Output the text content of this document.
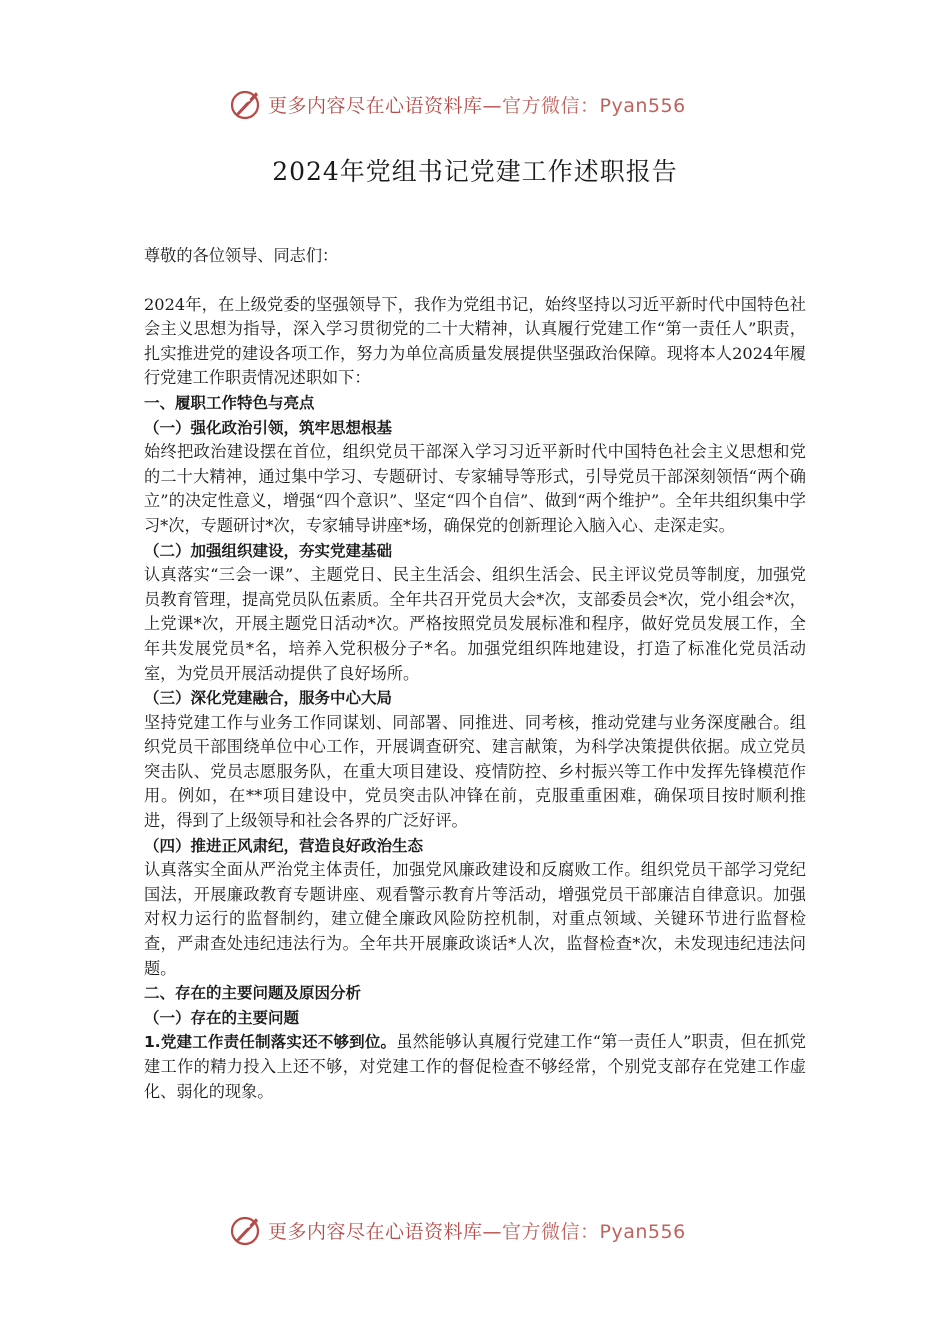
更多内容尽在心语资料库—官方微信：Pyan556
2024年党组书记党建工作述职报告

尊敬的各位领导、同志们：

2024年，在上级党委的坚强领导下，我作为党组书记，始终坚持以习近平新时代中国特色社会主义思想为指导，深入学习贯彻党的二十大精神，认真履行党建工作“第一责任人”职责，扎实推进党的建设各项工作，努力为单位高质量发展提供坚强政治保障。现将本人2024年履行党建工作职责情况述职如下：

一、履职工作特色与亮点

（一）强化政治引领，筑牢思想根基

始终把政治建设摆在首位，组织党员干部深入学习习近平新时代中国特色社会主义思想和党的二十大精神，通过集中学习、专题研讨、专家辅导等形式，引导党员干部深刻领悟“两个确立”的决定性意义，增强“四个意识”、坚定“四个自信”、做到“两个维护”。全年共组织集中学习*次，专题研讨*次，专家辅导讲座*场，确保党的创新理论入脑入心、走深走实。

（二）加强组织建设，夯实党建基础

认真落实“三会一课”、主题党日、民主生活会、组织生活会、民主评议党员等制度，加强党员教育管理，提高党员队伍素质。全年共召开党员大会*次，支部委员会*次，党小组会*次，上党课*次，开展主题党日活动*次。严格按照党员发展标准和程序，做好党员发展工作，全年共发展党员*名，培养入党积极分子*名。加强党组织阵地建设，打造了标准化党员活动室，为党员开展活动提供了良好场所。

（三）深化党建融合，服务中心大局

坚持党建工作与业务工作同谋划、同部署、同推进、同考核，推动党建与业务深度融合。组织党员干部围绕单位中心工作，开展调查研究、建言献策，为科学决策提供依据。成立党员突击队、党员志愿服务队，在重大项目建设、疫情防控、乡村振兴等工作中发挥先锋模范作用。例如，在**项目建设中，党员突击队冲锋在前，克服重重困难，确保项目按时顺利推进，得到了上级领导和社会各界的广泛好评。

（四）推进正风肃纪，营造良好政治生态

认真落实全面从严治党主体责任，加强党风廉政建设和反腐败工作。组织党员干部学习党纪国法，开展廉政教育专题讲座、观看警示教育片等活动，增强党员干部廉洁自律意识。加强对权力运行的监督制约，建立健全廉政风险防控机制，对重点领域、关键环节进行监督检查，严肃查处违纪违法行为。全年共开展廉政谈话*人次，监督检查*次，未发现违纪违法问题。

二、存在的主要问题及原因分析

（一）存在的主要问题

1.党建工作责任制落实还不够到位。虽然能够认真履行党建工作“第一责任人”职责，但在抓党建工作的精力投入上还不够，对党建工作的督促检查不够经常，个别党支部存在党建工作虚化、弱化的现象。

更多内容尽在心语资料库—官方微信：Pyan556
